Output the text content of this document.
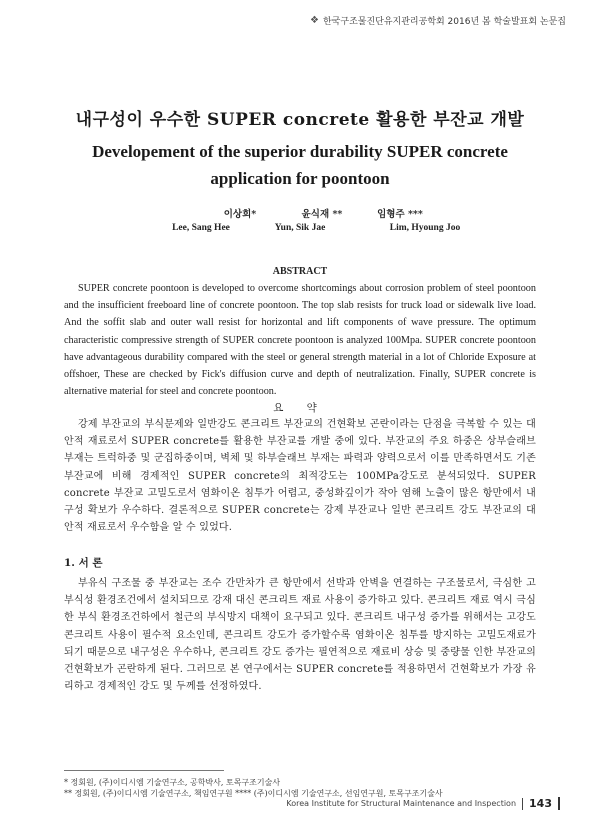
❖ 한국구조물진단유지관리공학회 2016년 봄 학술발표회 논문집
내구성이 우수한 SUPER concrete 활용한 부잔교 개발
Developement of the superior durability SUPER concrete application for poontoon
이상희*	윤식재 **	임형주 ***
Lee, Sang Hee	Yun, Sik Jae	Lim, Hyoung Joo
ABSTRACT
SUPER concrete poontoon is developed to overcome shortcomings about corrosion problem of steel poontoon and the insufficient freeboard line of concrete poontoon. The top slab resists for truck load or sidewalk live load. And the soffit slab and outer wall resist for horizontal and lift components of wave pressure. The optimum characteristic compressive strength of SUPER concrete poontoon is analyzed 100Mpa. SUPER concrete poontoon have advantageous durability compared with the steel or general strength material in a lot of Chloride Exposure at offshoer, These are checked by Fick's diffusion curve and depth of neutralization. Finally, SUPER concrete is alternative material for steel and concrete poontoon.
요 약
강제 부잔교의 부식문제와 일반강도 콘크리트 부잔교의 건현확보 곤란이라는 단점을 극복할 수 있는 대안적 재료로서 SUPER concrete를 활용한 부잔교를 개발 중에 있다. 부잔교의 주요 하중은 상부슬래브 부재는 트럭하중 및 군집하중이며, 벽체 및 하부슬래브 부재는 파력과 양력으로서 이를 만족하면서도 기존 부잔교에 비해 경제적인 SUPER concrete의 최적강도는 100MPa강도로 분석되었다. SUPER concrete 부잔교 고밀도로서 염화이온 침투가 어렵고, 중성화깊이가 작아 염해 노출이 많은 항만에서 내구성 확보가 우수하다. 결론적으로 SUPER concrete는 강제 부잔교나 일반 콘크리트 강도 부잔교의 대안적 재료로서 우수함을 알 수 있었다.
1. 서 론
부유식 구조물 중 부잔교는 조수 간만차가 큰 항만에서 선박과 안벽을 연결하는 구조물로서, 극심한 고부식성 환경조건에서 설치되므로 강재 대신 콘크리트 재료 사용이 증가하고 있다. 콘크리트 재료 역시 극심한 부식 환경조건하에서 철근의 부식방지 대책이 요구되고 있다. 콘크리트 내구성 증가를 위해서는 고강도 콘크리트 사용이 필수적 요소인데, 콘크리트 강도가 증가할수록 염화이온 침투를 방지하는 고밀도재료가 되기 때문으로 내구성은 우수하나, 콘크리트 강도 증가는 필연적으로 재료비 상승 및 중량물 인한 부잔교의 건현확보가 곤란하게 된다. 그러므로 본 연구에서는 SUPER concrete를 적용하면서 건현확보가 가장 유리하고 경제적인 강도 및 두께를 선정하였다.
* 정회원, (주)이디시엠 기술연구소, 공학박사, 토목구조기술사
** 정회원, (주)이디시엠 기술연구소, 책임연구원 **** (주)이디시엠 기술연구소, 선임연구원, 토목구조기술사
Korea Institute for Structural Maintenance and Inspection 143
